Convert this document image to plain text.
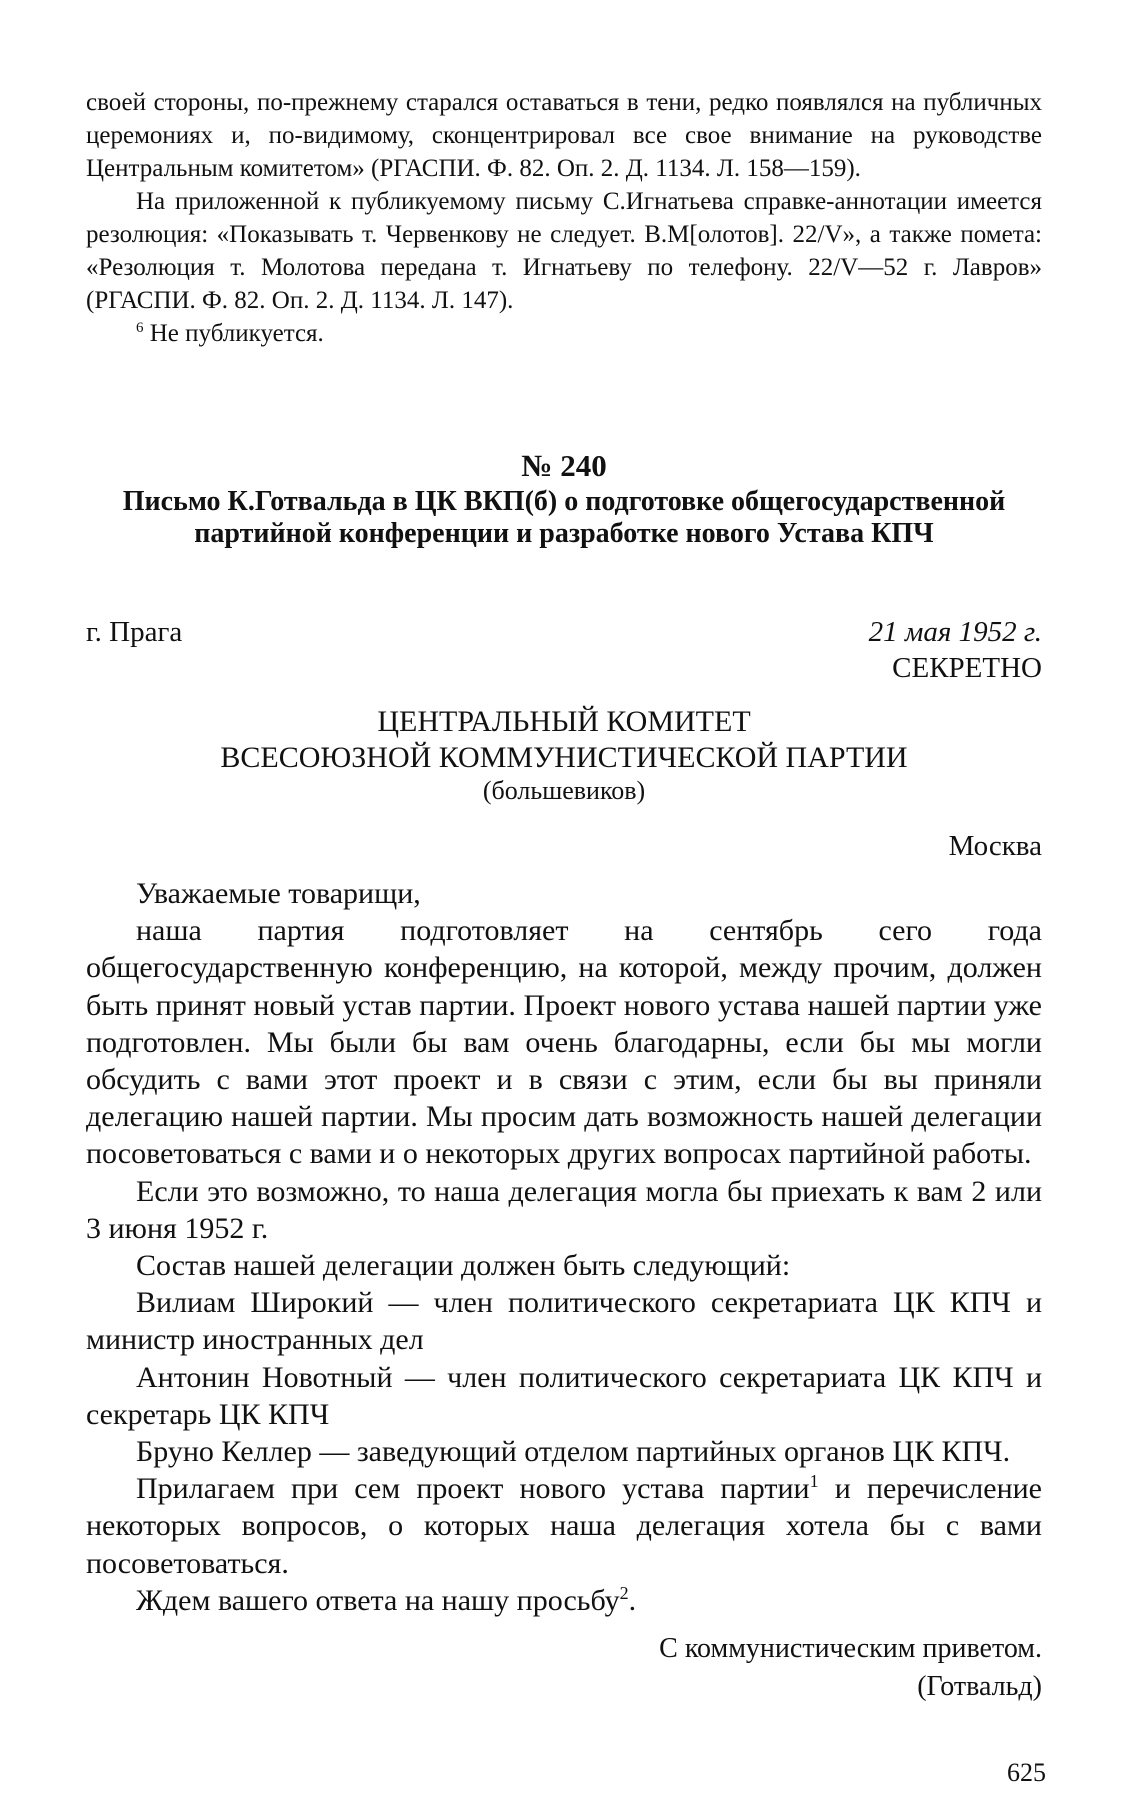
своей стороны, по-прежнему старался оставаться в тени, редко появлялся на публичных церемониях и, по-видимому, сконцентрировал все свое внимание на руководстве Центральным комитетом» (РГАСПИ. Ф. 82. Оп. 2. Д. 1134. Л. 158—159).

На приложенной к публикуемому письму С.Игнатьева справке-аннотации имеется резолюция: «Показывать т. Червенкову не следует. В.М[олотов]. 22/V», а также помета: «Резолюция т. Молотова передана т. Игнатьеву по телефону. 22/V—52 г. Лавров» (РГАСПИ. Ф. 82. Оп. 2. Д. 1134. Л. 147).

$^6$ Не публикуется.

№ 240
Письмо К.Готвальда в ЦК ВКП(б) о подготовке общегосударственной партийной конференции и разработке нового Устава КПЧ
г. Прага	21 мая 1952 г.
СЕКРЕТНО
ЦЕНТРАЛЬНЫЙ КОМИТЕТ
ВСЕСОЮЗНОЙ КОММУНИСТИЧЕСКОЙ ПАРТИИ
(большевиков)
Москва

Уважаемые товарищи,

наша партия подготовляет на сентябрь сего года общегосударственную конференцию, на которой, между прочим, должен быть принят новый устав партии. Проект нового устава нашей партии уже подготовлен. Мы были бы вам очень благодарны, если бы мы могли обсудить с вами этот проект и в связи с этим, если бы вы приняли делегацию нашей партии. Мы просим дать возможность нашей делегации посоветоваться с вами и о некоторых других вопросах партийной работы.

Если это возможно, то наша делегация могла бы приехать к вам 2 или 3 июня 1952 г.

Состав нашей делегации должен быть следующий:

Вилиам Широкий — член политического секретариата ЦК КПЧ и министр иностранных дел

Антонин Новотный — член политического секретариата ЦК КПЧ и секретарь ЦК КПЧ

Бруно Келлер — заведующий отделом партийных органов ЦК КПЧ.

Прилагаем при сем проект нового устава партии$^1$ и перечисление некоторых вопросов, о которых наша делегация хотела бы с вами посоветоваться.

Ждем вашего ответа на нашу просьбу$^2$.

С коммунистическим приветом.
(Готвальд)
625
